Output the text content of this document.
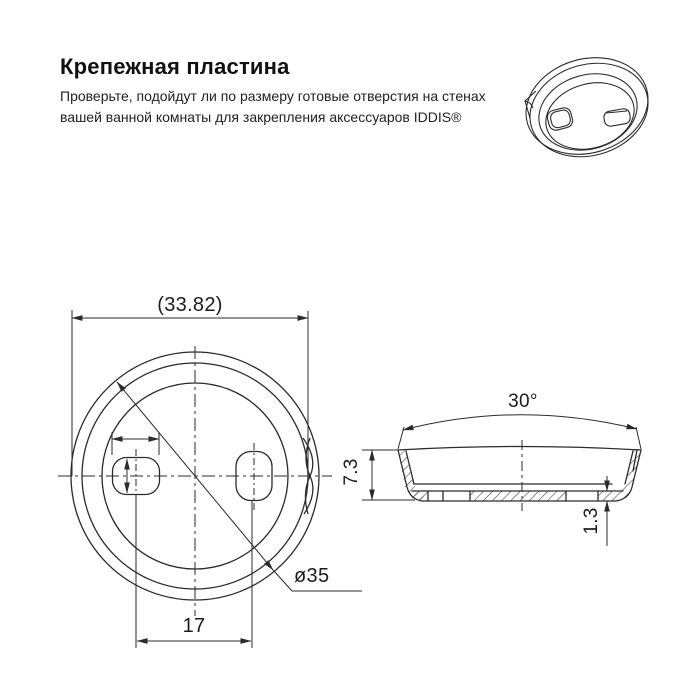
Крепежная пластина

Проверьте, подойдут ли по размеру готовые отверстия на стенах вашей ванной комнаты для закрепления аксессуаров IDDIS®

(33.82)
ø35
17
30°
7.3
1.3
